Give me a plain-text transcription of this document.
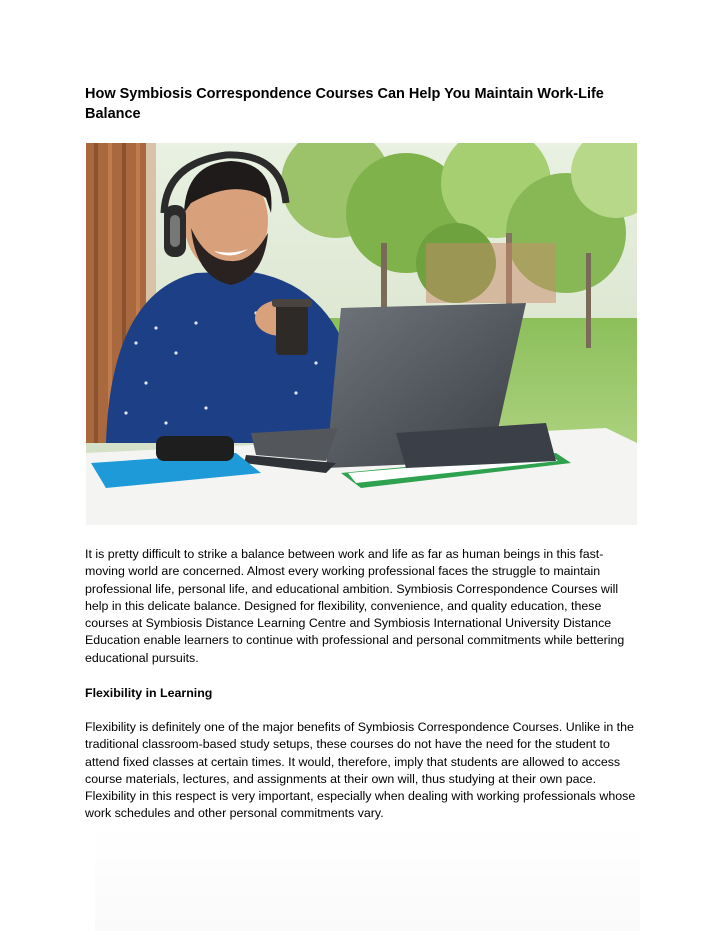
How Symbiosis Correspondence Courses Can Help You Maintain Work-Life Balance

It is pretty difficult to strike a balance between work and life as far as human beings in this fast-moving world are concerned. Almost every working professional faces the struggle to maintain professional life, personal life, and educational ambition. Symbiosis Correspondence Courses will help in this delicate balance. Designed for flexibility, convenience, and quality education, these courses at Symbiosis Distance Learning Centre and Symbiosis International University Distance Education enable learners to continue with professional and personal commitments while bettering educational pursuits.

Flexibility in Learning

Flexibility is definitely one of the major benefits of Symbiosis Correspondence Courses. Unlike in the traditional classroom-based study setups, these courses do not have the need for the student to attend fixed classes at certain times. It would, therefore, imply that students are allowed to access course materials, lectures, and assignments at their own will, thus studying at their own pace. Flexibility in this respect is very important, especially when dealing with working professionals whose work schedules and other personal commitments vary.
